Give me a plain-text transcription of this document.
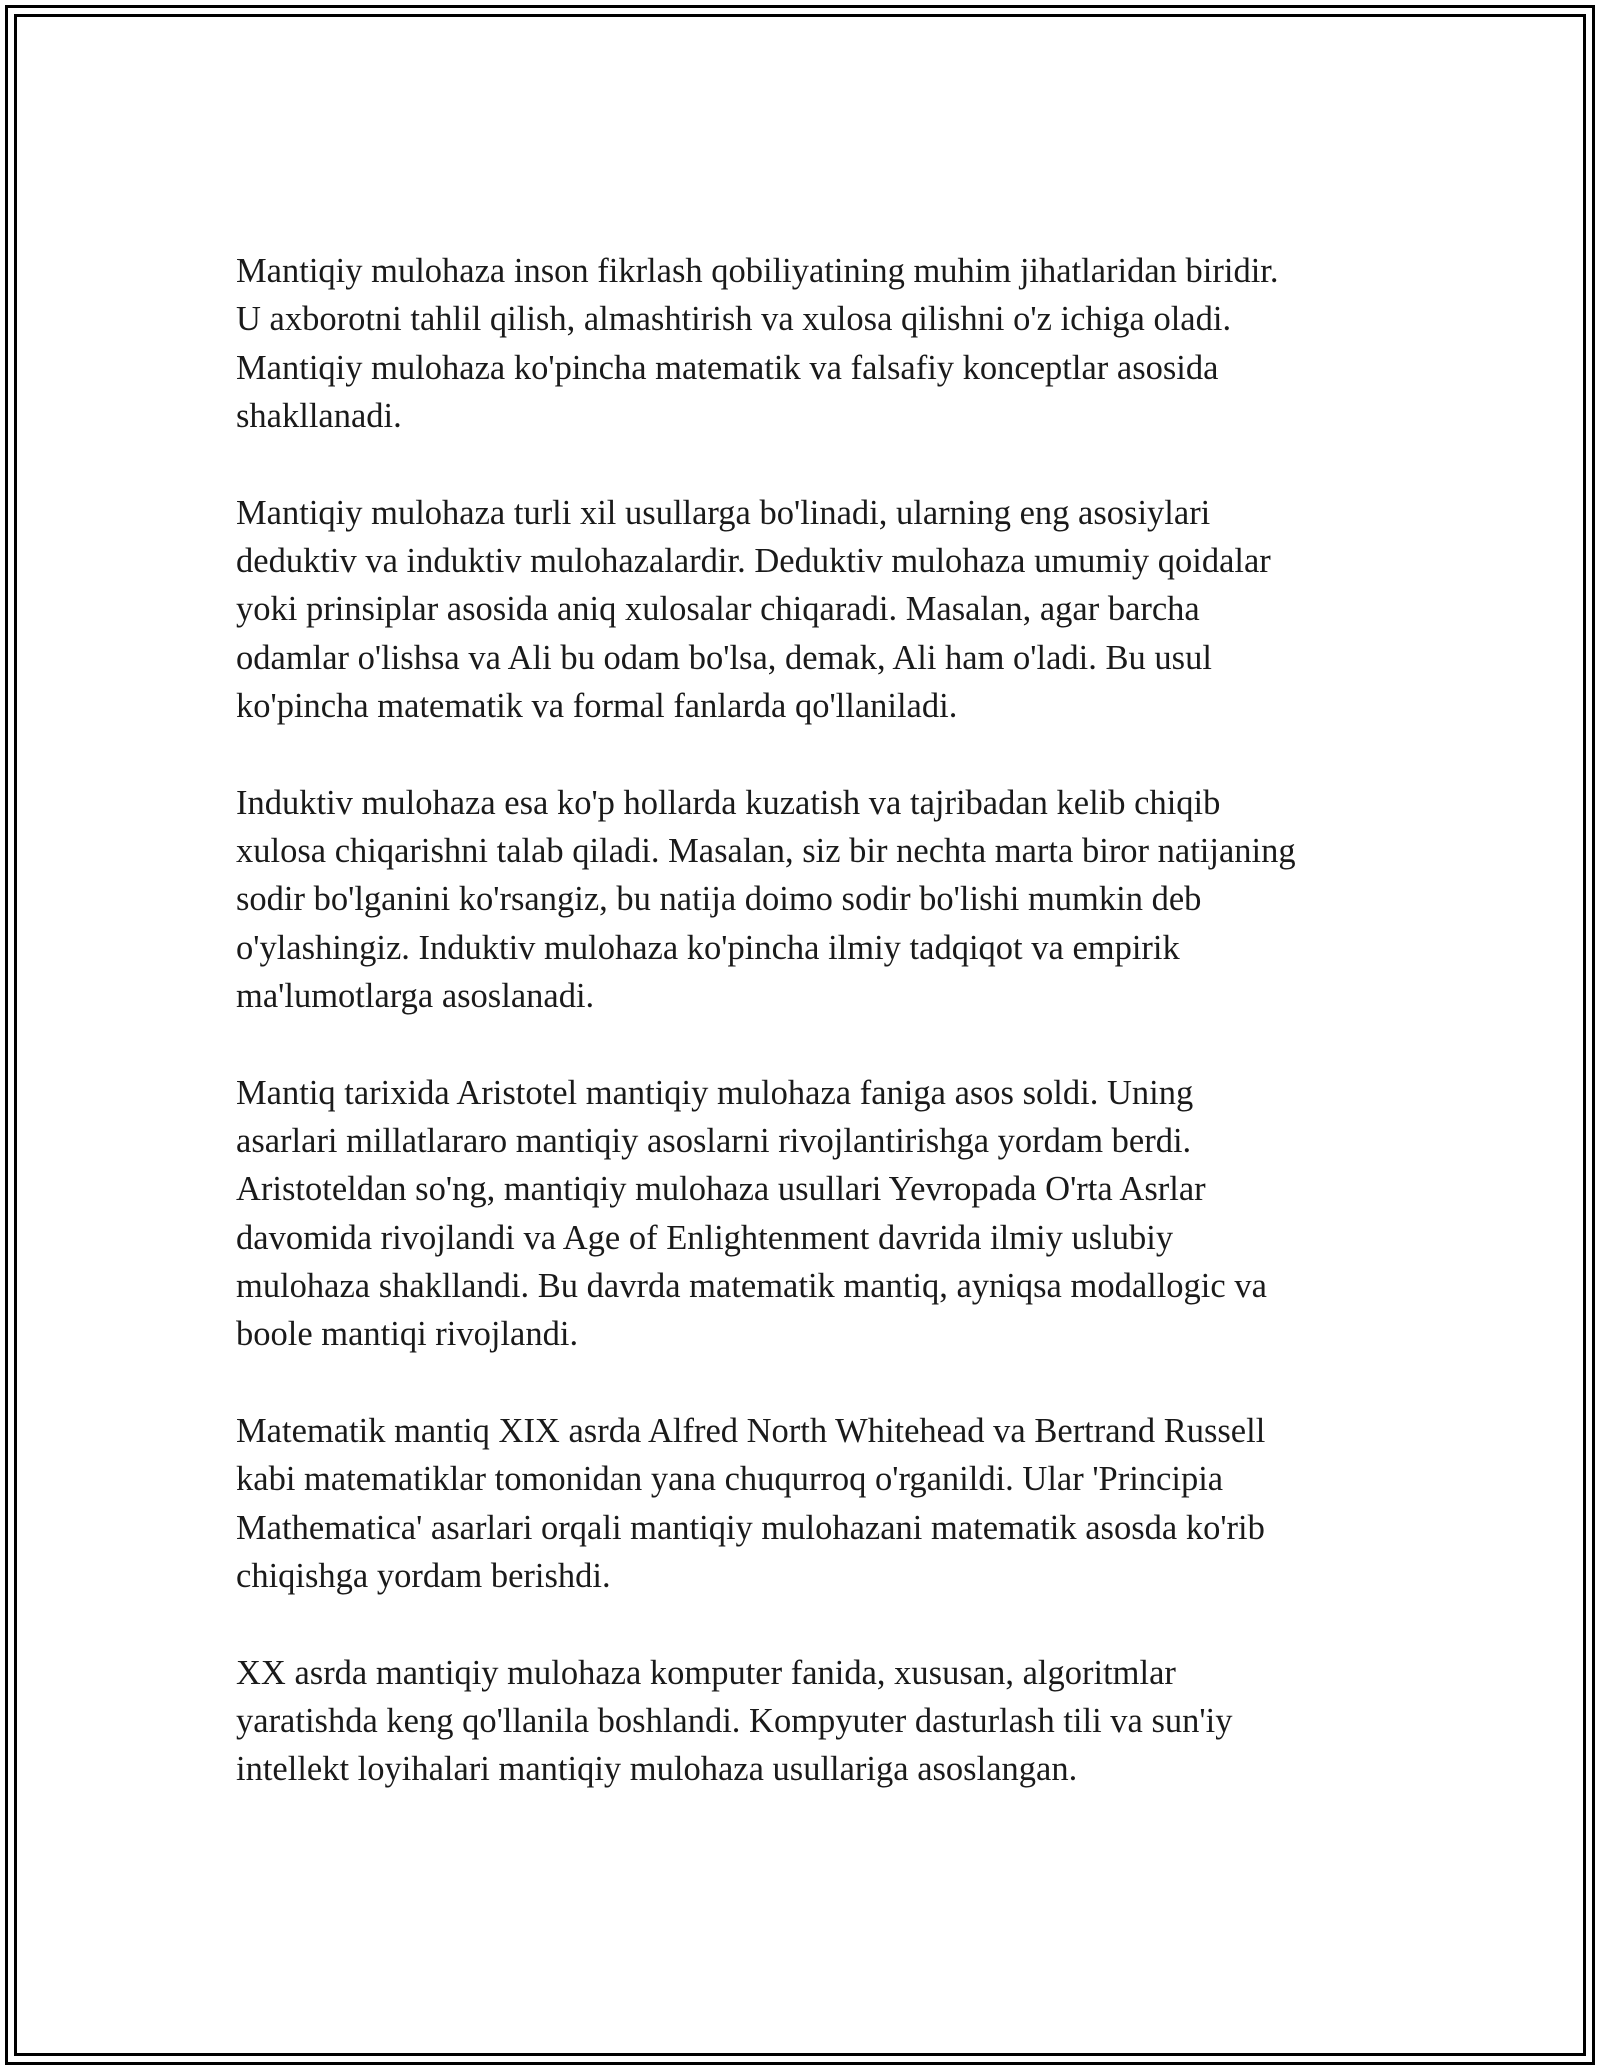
Mantiqiy mulohaza inson fikrlash qobiliyatining muhim jihatlaridan biridir.
U axborotni tahlil qilish, almashtirish va xulosa qilishni o'z ichiga oladi.
Mantiqiy mulohaza ko'pincha matematik va falsafiy konceptlar asosida
shakllanadi.

Mantiqiy mulohaza turli xil usullarga bo'linadi, ularning eng asosiylari
deduktiv va induktiv mulohazalardir. Deduktiv mulohaza umumiy qoidalar
yoki prinsiplar asosida aniq xulosalar chiqaradi. Masalan, agar barcha
odamlar o'lishsa va Ali bu odam bo'lsa, demak, Ali ham o'ladi. Bu usul
ko'pincha matematik va formal fanlarda qo'llaniladi.

Induktiv mulohaza esa ko'p hollarda kuzatish va tajribadan kelib chiqib
xulosa chiqarishni talab qiladi. Masalan, siz bir nechta marta biror natijaning
sodir bo'lganini ko'rsangiz, bu natija doimo sodir bo'lishi mumkin deb
o'ylashingiz. Induktiv mulohaza ko'pincha ilmiy tadqiqot va empirik
ma'lumotlarga asoslanadi.

Mantiq tarixida Aristotel mantiqiy mulohaza faniga asos soldi. Uning
asarlari millatlararo mantiqiy asoslarni rivojlantirishga yordam berdi.
Aristoteldan so'ng, mantiqiy mulohaza usullari Yevropada O'rta Asrlar
davomida rivojlandi va Age of Enlightenment davrida ilmiy uslubiy
mulohaza shakllandi. Bu davrda matematik mantiq, ayniqsa modallogic va
boole mantiqi rivojlandi.

Matematik mantiq XIX asrda Alfred North Whitehead va Bertrand Russell
kabi matematiklar tomonidan yana chuqurroq o'rganildi. Ular 'Principia
Mathematica' asarlari orqali mantiqiy mulohazani matematik asosda ko'rib
chiqishga yordam berishdi.

XX asrda mantiqiy mulohaza komputer fanida, xususan, algoritmlar
yaratishda keng qo'llanila boshlandi. Kompyuter dasturlash tili va sun'iy
intellekt loyihalari mantiqiy mulohaza usullariga asoslangan.
